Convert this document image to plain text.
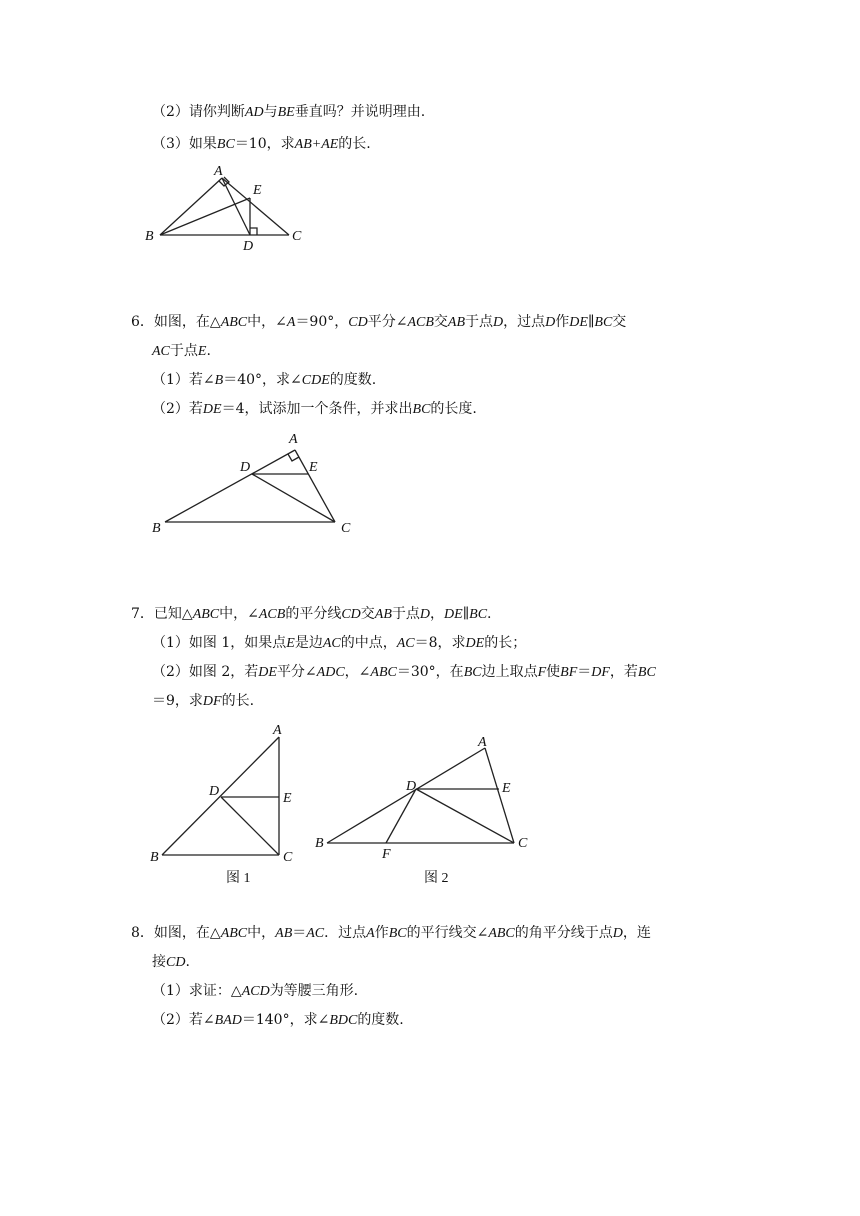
（2）请你判断AD与BE垂直吗？并说明理由.
（3）如果BC＝10，求AB+AE的长.
A
B	C
D
E
6．如图，在△ABC中，∠A＝90°，CD平分∠ACB交AB于点D，过点D作DE∥BC交
AC于点E.
（1）若∠B＝40°，求∠CDE的度数.
（2）若DE＝4，试添加一个条件，并求出BC的长度.
A
B	C
D	E
7．已知△ABC中，∠ACB的平分线CD交AB于点D，DE∥BC.
（1）如图 1，如果点E是边AC的中点，AC＝8，求DE的长；
（2）如图 2，若DE平分∠ADC，∠ABC＝30°，在BC边上取点F使BF＝DF，若BC
＝9，求DF的长.
A
B	C
D	E
图 1
A
B	C
D	E
F
图 2
8．如图，在△ABC中，AB＝AC．过点A作BC的平行线交∠ABC的角平分线于点D，连
接CD.
（1）求证：△ACD为等腰三角形.
（2）若∠BAD＝140°，求∠BDC的度数.
